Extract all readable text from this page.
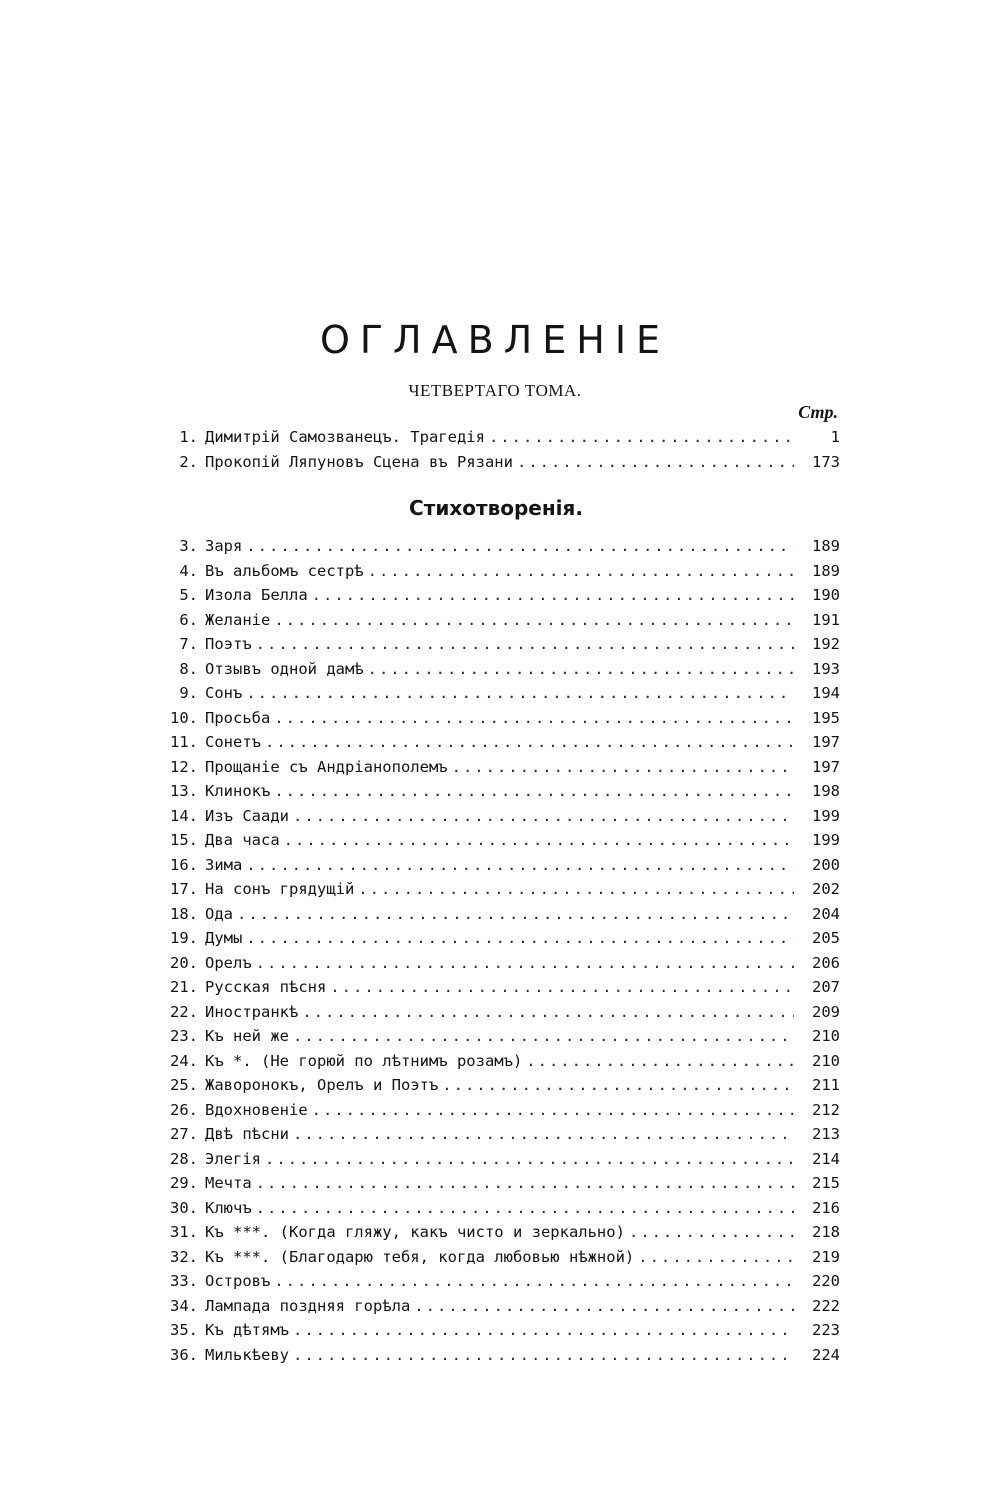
ОГЛАВЛЕНІЕ
ЧЕТВЕРТАГО ТОМА.
Стр.
1. Димитрій Самозванецъ. Трагедія .....	1
2. Прокопій Ляпуновъ Сцена въ Рязани .....	173
Стихотворенія.
3. Заря .....	189
4. Въ альбомъ сестрѣ .....	189
5. Изола Белла .....	190
6. Желаніе .....	191
7. Поэтъ .....	192
8. Отзывъ одной дамѣ .....	193
9. Сонъ .....	194
10. Просьба .....	195
11. Сонетъ .....	197
12. Прощаніе съ Андріанополемъ .....	197
13. Клинокъ .....	198
14. Изъ Саади .....	199
15. Два часа .....	199
16. Зима .....	200
17. На сонъ грядущій .....	202
18. Ода .....	204
19. Думы .....	205
20. Орелъ .....	206
21. Русская пѣсня .....	207
22. Иностранкѣ .....	209
23. Къ ней же .....	210
24. Къ *. (Не горюй по лѣтнимъ розамъ) .....	210
25. Жаворонокъ, Орелъ и Поэтъ .....	211
26. Вдохновеніе .....	212
27. Двѣ пѣсни .....	213
28. Элегія .....	214
29. Мечта .....	215
30. Ключъ .....	216
31. Къ ***. (Когда гляжу, какъ чисто и зеркально) .....	218
32. Къ ***. (Благодарю тебя, когда любовью нѣжной) .....	219
33. Островъ .....	220
34. Лампада поздняя горѣла .....	222
35. Къ дѣтямъ .....	223
36. Милькѣеву .....	224
